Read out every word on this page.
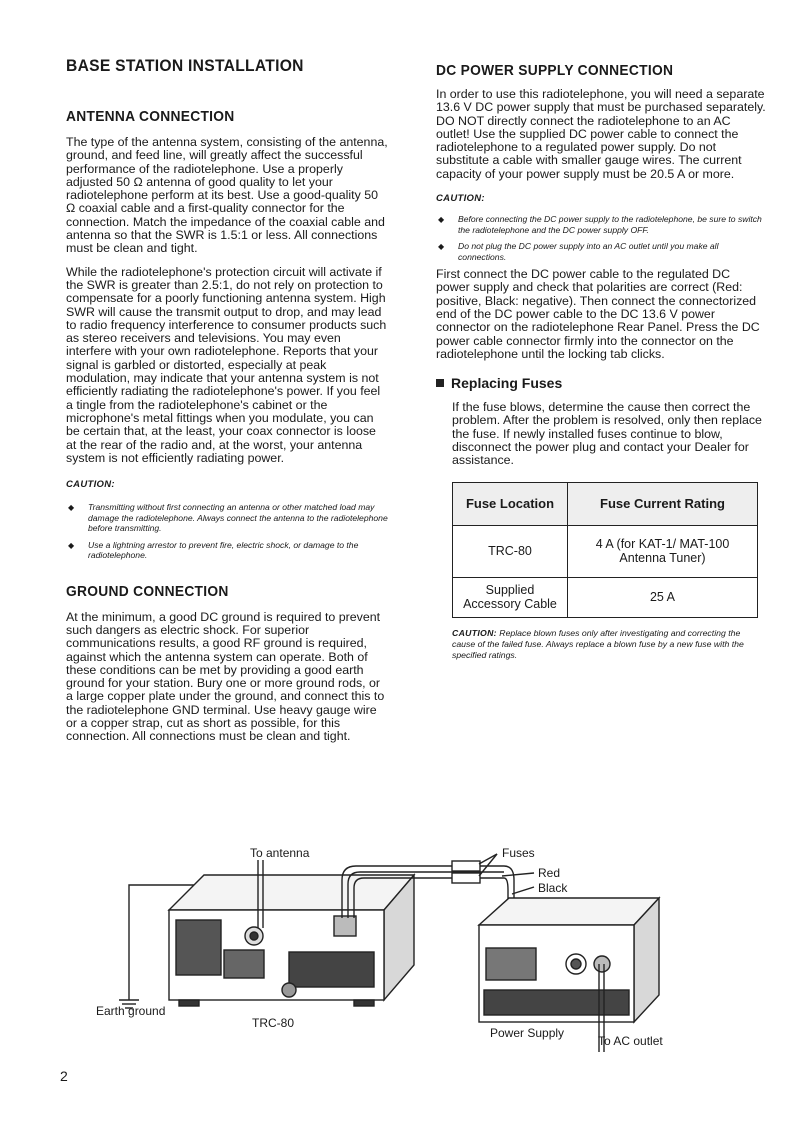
BASE STATION INSTALLATION
ANTENNA CONNECTION

The type of the antenna system, consisting of the antenna, ground, and feed line, will greatly affect the successful performance of the radiotelephone. Use a properly adjusted 50 Ω antenna of good quality to let your radiotelephone perform at its best. Use a good-quality 50 Ω coaxial cable and a first-quality connector for the connection. Match the impedance of the coaxial cable and antenna so that the SWR is 1.5:1 or less. All connections must be clean and tight.

While the radiotelephone's protection circuit will activate if the SWR is greater than 2.5:1, do not rely on protection to compensate for a poorly functioning antenna system. High SWR will cause the transmit output to drop, and may lead to radio frequency interference to consumer products such as stereo receivers and televisions. You may even interfere with your own radiotelephone. Reports that your signal is garbled or distorted, especially at peak modulation, may indicate that your antenna system is not efficiently radiating the radiotelephone's power. If you feel a tingle from the radiotelephone's cabinet or the microphone's metal fittings when you modulate, you can be certain that, at the least, your coax connector is loose at the rear of the radio and, at the worst, your antenna system is not efficiently radiating power.

CAUTION:

◆ Transmitting without first connecting an antenna or other matched load may damage the radiotelephone. Always connect the antenna to the radiotelephone before transmitting.
◆ Use a lightning arrestor to prevent fire, electric shock, or damage to the radiotelephone.
GROUND CONNECTION

At the minimum, a good DC ground is required to prevent such dangers as electric shock. For superior communications results, a good RF ground is required, against which the antenna system can operate. Both of these conditions can be met by providing a good earth ground for your station. Bury one or more ground rods, or a large copper plate under the ground, and connect this to the radiotelephone GND terminal. Use heavy gauge wire or a copper strap, cut as short as possible, for this connection. All connections must be clean and tight.

DC POWER SUPPLY CONNECTION

In order to use this radiotelephone, you will need a separate 13.6 V DC power supply that must be purchased separately. DO NOT directly connect the radiotelephone to an AC outlet! Use the supplied DC power cable to connect the radiotelephone to a regulated power supply. Do not substitute a cable with smaller gauge wires. The current capacity of your power supply must be 20.5 A or more.

CAUTION:

◆ Before connecting the DC power supply to the radiotelephone, be sure to switch the radiotelephone and the DC power supply OFF.
◆ Do not plug the DC power supply into an AC outlet until you make all connections.

First connect the DC power cable to the regulated DC power supply and check that polarities are correct (Red: positive, Black: negative). Then connect the connectorized end of the DC power cable to the DC 13.6 V power connector on the radiotelephone Rear Panel. Press the DC power cable connector firmly into the connector on the radiotelephone until the locking tab clicks.

Replacing Fuses

If the fuse blows, determine the cause then correct the problem. After the problem is resolved, only then replace the fuse. If newly installed fuses continue to blow, disconnect the power plug and contact your Dealer for assistance.

Fuse Location	Fuse Current Rating
TRC-80	4 A (for KAT-1/ MAT-100 Antenna Tuner)
Supplied Accessory Cable	25 A

CAUTION: Replace blown fuses only after investigating and correcting the cause of the failed fuse. Always replace a blown fuse by a new fuse with the specified ratings.

To antenna	Fuses
Red
Black
Earth ground
TRC-80
Power Supply
To AC outlet
2
